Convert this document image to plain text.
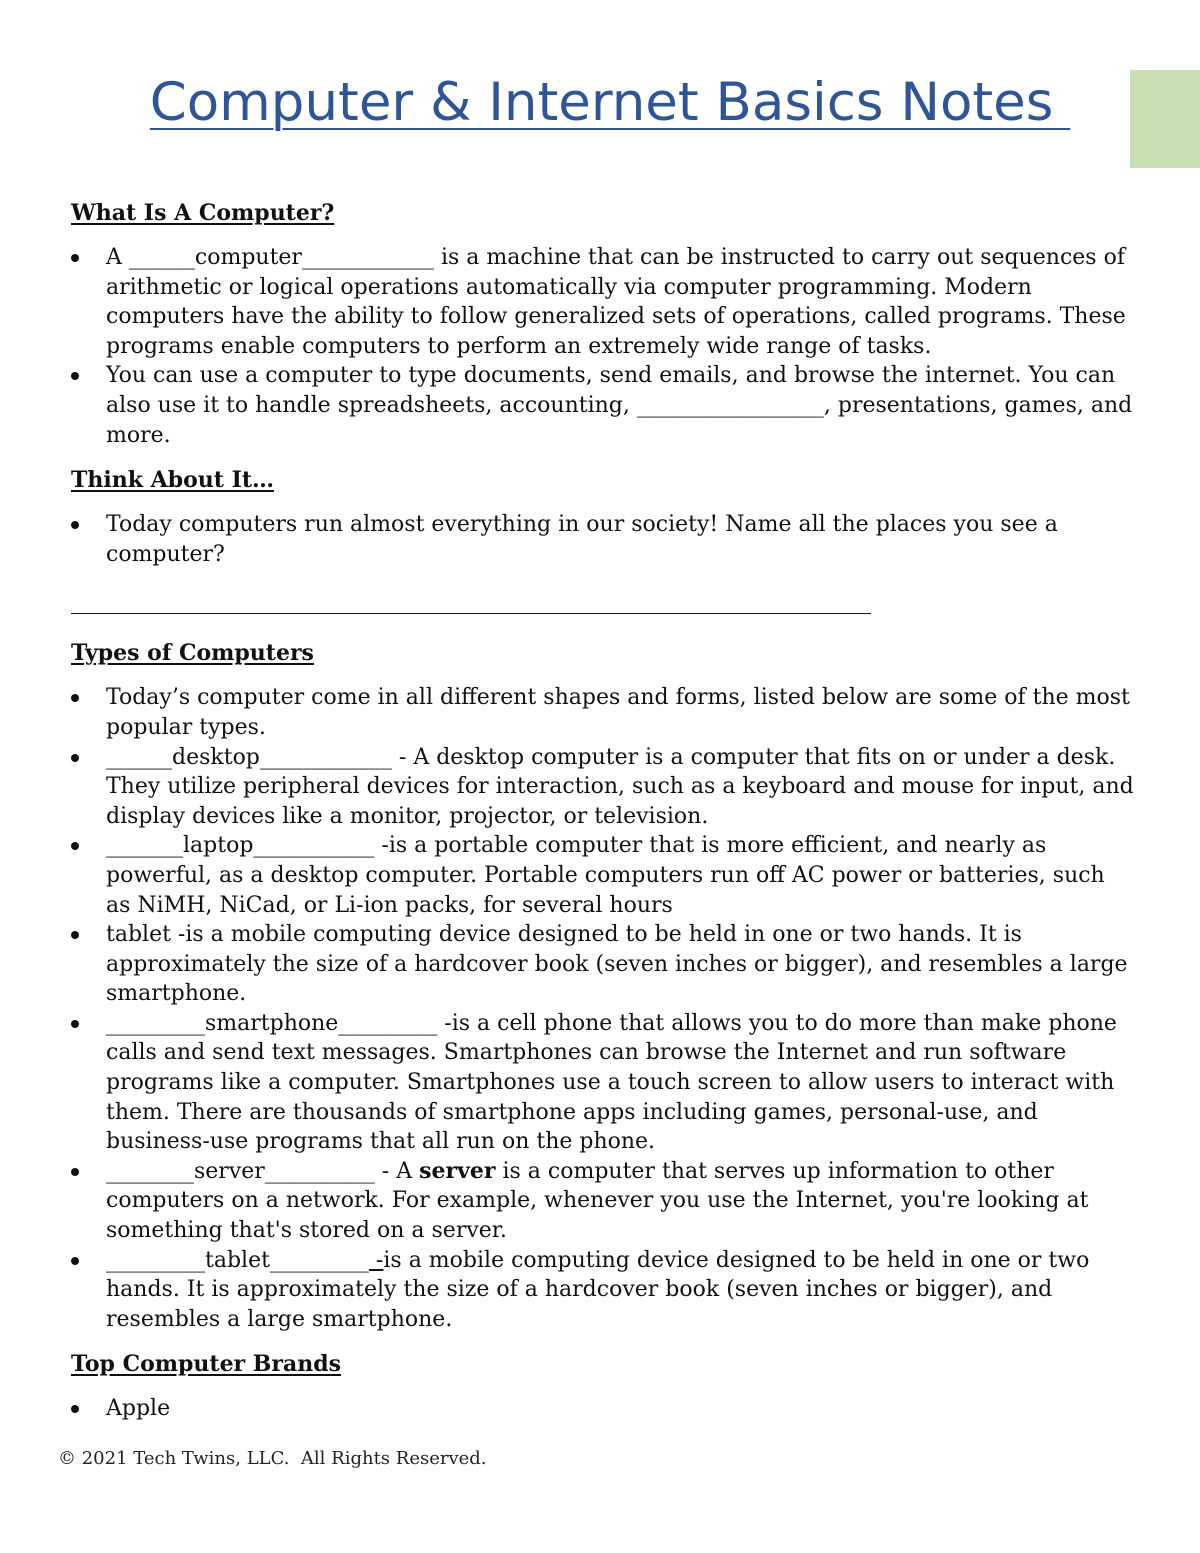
Computer & Internet Basics Notes
What Is A Computer?
A ______computer____________ is a machine that can be instructed to carry out sequences of arithmetic or logical operations automatically via computer programming. Modern computers have the ability to follow generalized sets of operations, called programs. These programs enable computers to perform an extremely wide range of tasks.
You can use a computer to type documents, send emails, and browse the internet. You can also use it to handle spreadsheets, accounting, _________________, presentations, games, and more.
Think About It…
Today computers run almost everything in our society! Name all the places you see a computer?
Types of Computers
Today’s computer come in all different shapes and forms, listed below are some of the most popular types.
______desktop____________ - A desktop computer is a computer that fits on or under a desk. They utilize peripheral devices for interaction, such as a keyboard and mouse for input, and display devices like a monitor, projector, or television.
_______laptop___________ -is a portable computer that is more efficient, and nearly as powerful, as a desktop computer. Portable computers run off AC power or batteries, such as NiMH, NiCad, or Li-ion packs, for several hours
tablet -is a mobile computing device designed to be held in one or two hands. It is approximately the size of a hardcover book (seven inches or bigger), and resembles a large smartphone.
_________smartphone_________ -is a cell phone that allows you to do more than make phone calls and send text messages. Smartphones can browse the Internet and run software programs like a computer. Smartphones use a touch screen to allow users to interact with them. There are thousands of smartphone apps including games, personal-use, and business-use programs that all run on the phone.
________server__________ - A server is a computer that serves up information to other computers on a network. For example, whenever you use the Internet, you're looking at something that's stored on a server.
_________tablet_________ -is a mobile computing device designed to be held in one or two hands. It is approximately the size of a hardcover book (seven inches or bigger), and resembles a large smartphone.
Top Computer Brands
Apple
© 2021 Tech Twins, LLC.  All Rights Reserved.
